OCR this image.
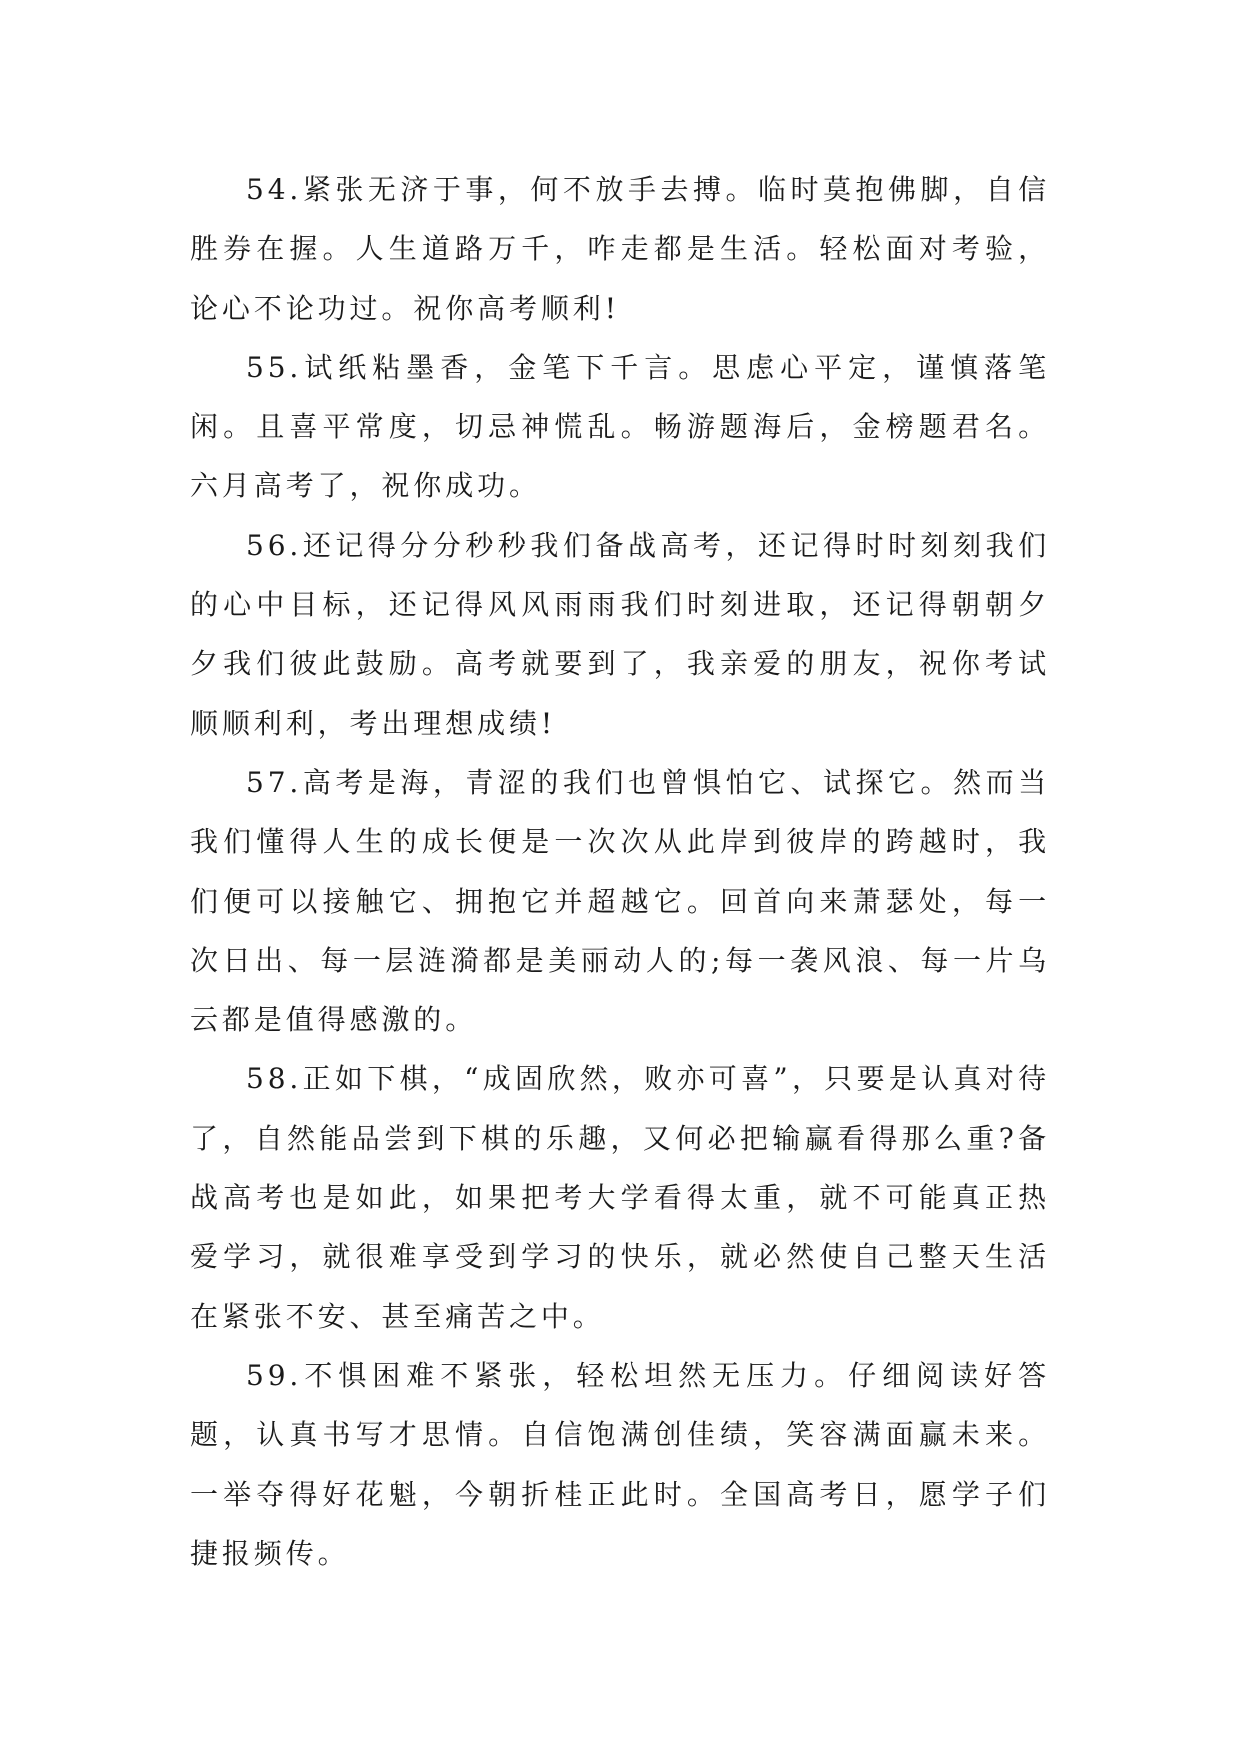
54.紧张无济于事，何不放手去搏。临时莫抱佛脚，自信胜券在握。人生道路万千，咋走都是生活。轻松面对考验，论心不论功过。祝你高考顺利!

55.试纸粘墨香，金笔下千言。思虑心平定，谨慎落笔闲。且喜平常度，切忌神慌乱。畅游题海后，金榜题君名。六月高考了，祝你成功。

56.还记得分分秒秒我们备战高考，还记得时时刻刻我们的心中目标，还记得风风雨雨我们时刻进取，还记得朝朝夕夕我们彼此鼓励。高考就要到了，我亲爱的朋友，祝你考试顺顺利利，考出理想成绩!

57.高考是海，青涩的我们也曾惧怕它、试探它。然而当我们懂得人生的成长便是一次次从此岸到彼岸的跨越时，我们便可以接触它、拥抱它并超越它。回首向来萧瑟处，每一次日出、每一层涟漪都是美丽动人的;每一袭风浪、每一片乌云都是值得感激的。

58.正如下棋，“成固欣然，败亦可喜”，只要是认真对待了，自然能品尝到下棋的乐趣，又何必把输赢看得那么重?备战高考也是如此，如果把考大学看得太重，就不可能真正热爱学习，就很难享受到学习的快乐，就必然使自己整天生活在紧张不安、甚至痛苦之中。

59.不惧困难不紧张，轻松坦然无压力。仔细阅读好答题，认真书写才思情。自信饱满创佳绩，笑容满面赢未来。一举夺得好花魁，今朝折桂正此时。全国高考日，愿学子们捷报频传。
